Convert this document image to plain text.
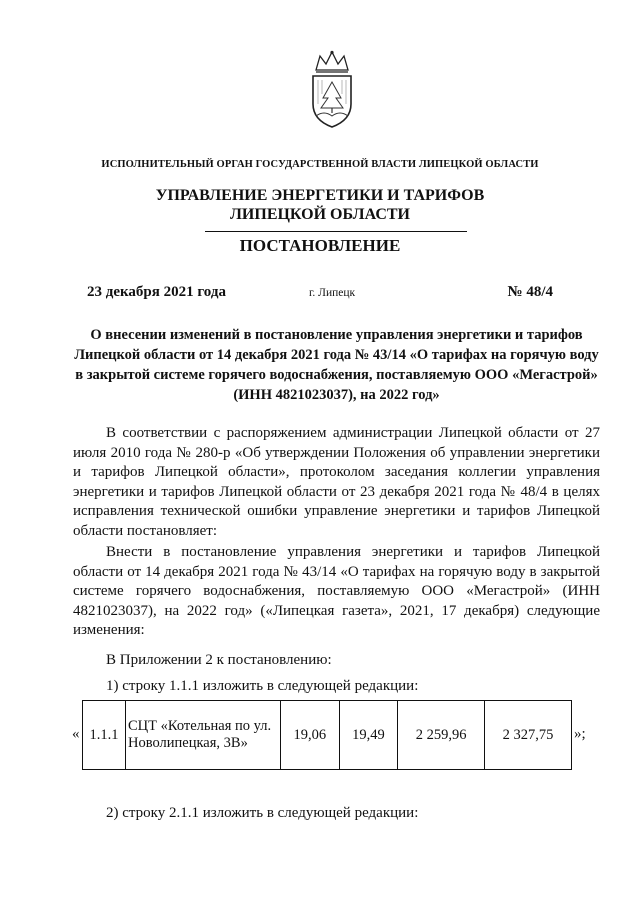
ИСПОЛНИТЕЛЬНЫЙ ОРГАН ГОСУДАРСТВЕННОЙ ВЛАСТИ ЛИПЕЦКОЙ ОБЛАСТИ
УПРАВЛЕНИЕ ЭНЕРГЕТИКИ И ТАРИФОВ
ЛИПЕЦКОЙ ОБЛАСТИ
ПОСТАНОВЛЕНИЕ
23 декабря 2021 года	г. Липецк	№ 48/4
О внесении изменений в постановление управления энергетики и тарифов Липецкой области от 14 декабря 2021 года № 43/14 «О тарифах на горячую воду в закрытой системе горячего водоснабжения, поставляемую ООО «Мегастрой» (ИНН 4821023037), на 2022 год»
В соответствии с распоряжением администрации Липецкой области от 27 июля 2010 года № 280-р «Об утверждении Положения об управлении энергетики и тарифов Липецкой области», протоколом заседания коллегии управления энергетики и тарифов Липецкой области от 23 декабря 2021 года № 48/4 в целях исправления технической ошибки управление энергетики и тарифов Липецкой области постановляет:
Внести в постановление управления энергетики и тарифов Липецкой области от 14 декабря 2021 года № 43/14 «О тарифах на горячую воду в закрытой системе горячего водоснабжения, поставляемую ООО «Мегастрой» (ИНН 4821023037), на 2022 год» («Липецкая газета», 2021, 17 декабря) следующие изменения:
В Приложении 2 к постановлению:
1) строку 1.1.1 изложить в следующей редакции:
« 1.1.1	СЦТ «Котельная по ул. Новолипецкая, 3В»	19,06	19,49	2 259,96	2 327,75 »;
2) строку 2.1.1 изложить в следующей редакции:
